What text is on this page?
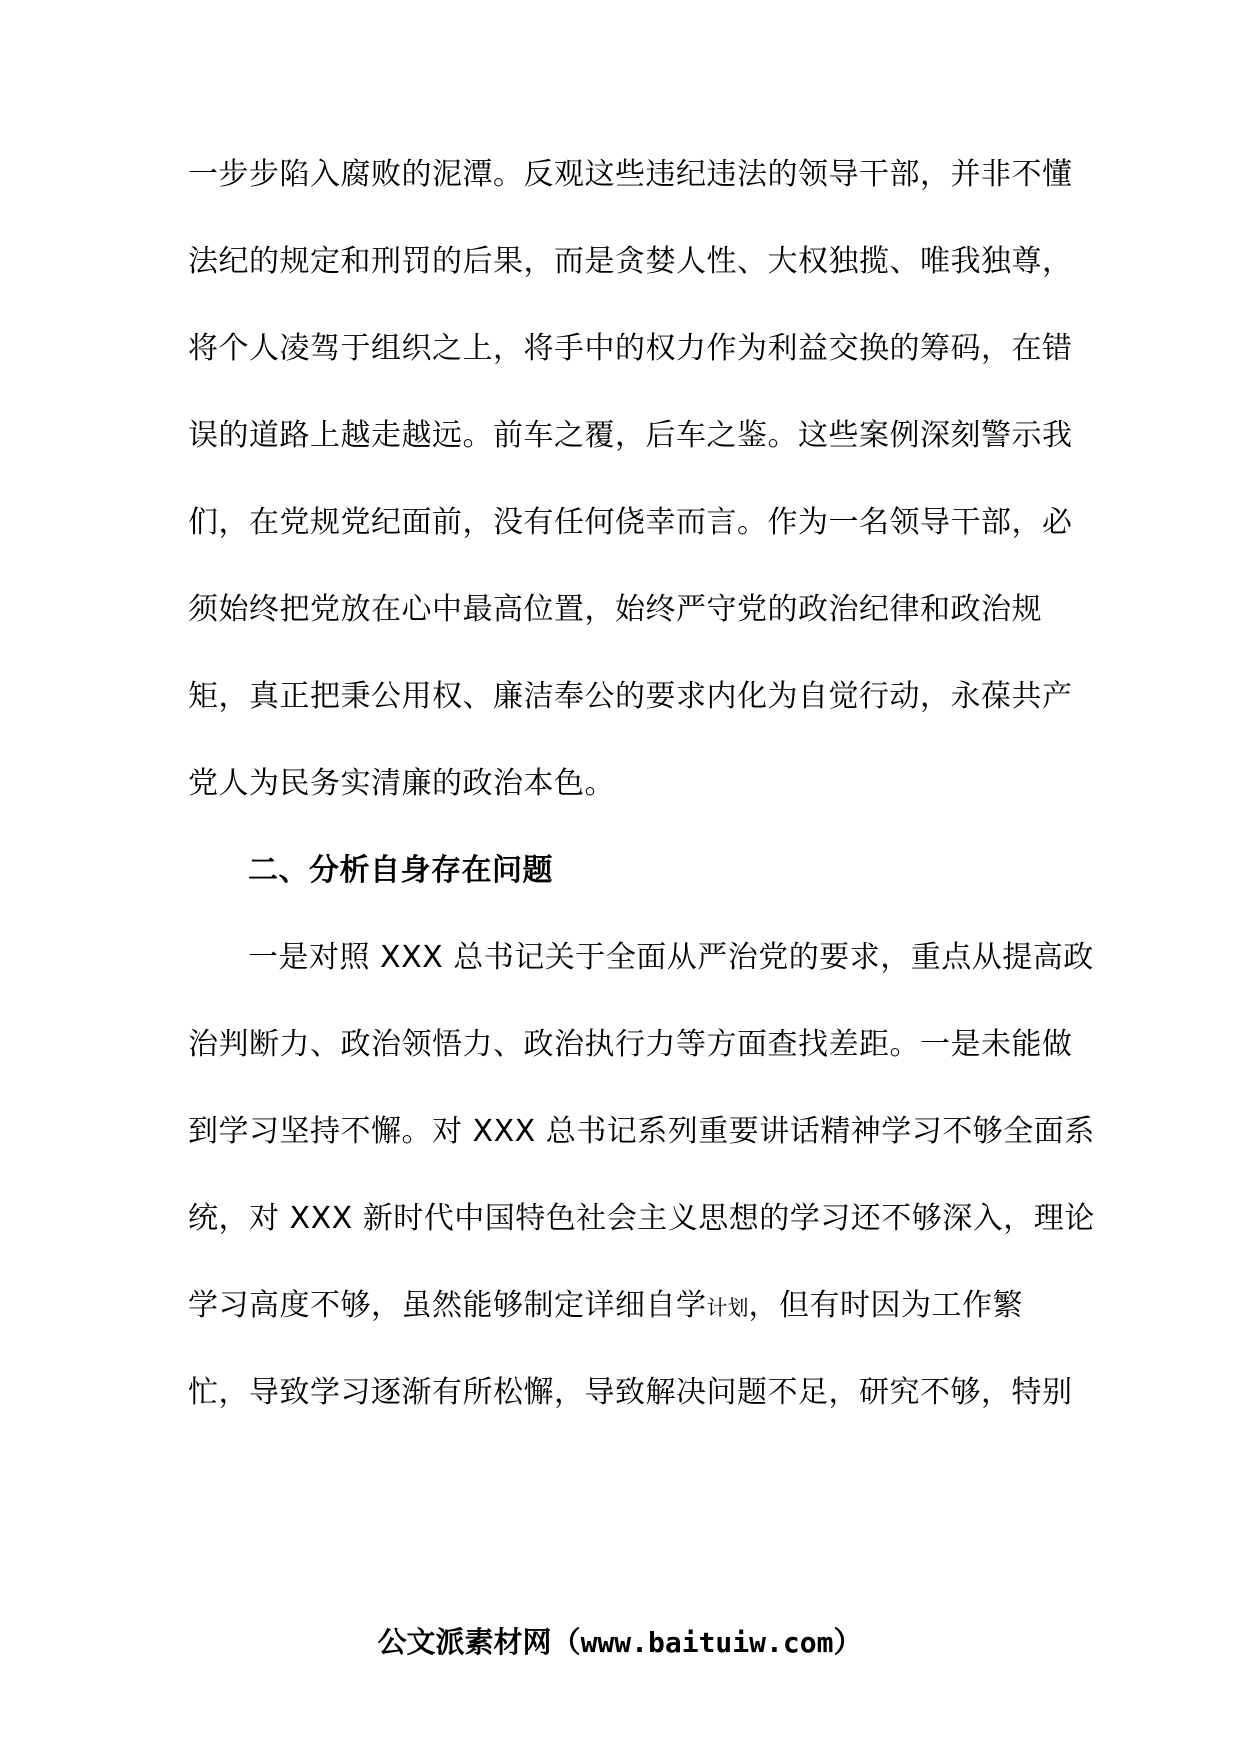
一步步陷入腐败的泥潭。反观这些违纪违法的领导干部，并非不懂
法纪的规定和刑罚的后果，而是贪婪人性、大权独揽、唯我独尊，
将个人凌驾于组织之上，将手中的权力作为利益交换的筹码，在错
误的道路上越走越远。前车之覆，后车之鉴。这些案例深刻警示我
们，在党规党纪面前，没有任何侥幸而言。作为一名领导干部，必
须始终把党放在心中最高位置，始终严守党的政治纪律和政治规
矩，真正把秉公用权、廉洁奉公的要求内化为自觉行动，永葆共产
党人为民务实清廉的政治本色。
二、分析自身存在问题
一是对照 XXX 总书记关于全面从严治党的要求，重点从提高政
治判断力、政治领悟力、政治执行力等方面查找差距。一是未能做
到学习坚持不懈。对 XXX 总书记系列重要讲话精神学习不够全面系
统，对 XXX 新时代中国特色社会主义思想的学习还不够深入，理论
学习高度不够，虽然能够制定详细自学计划，但有时因为工作繁
忙，导致学习逐渐有所松懈，导致解决问题不足，研究不够，特别
公文派素材网（www.baituiw.com）
